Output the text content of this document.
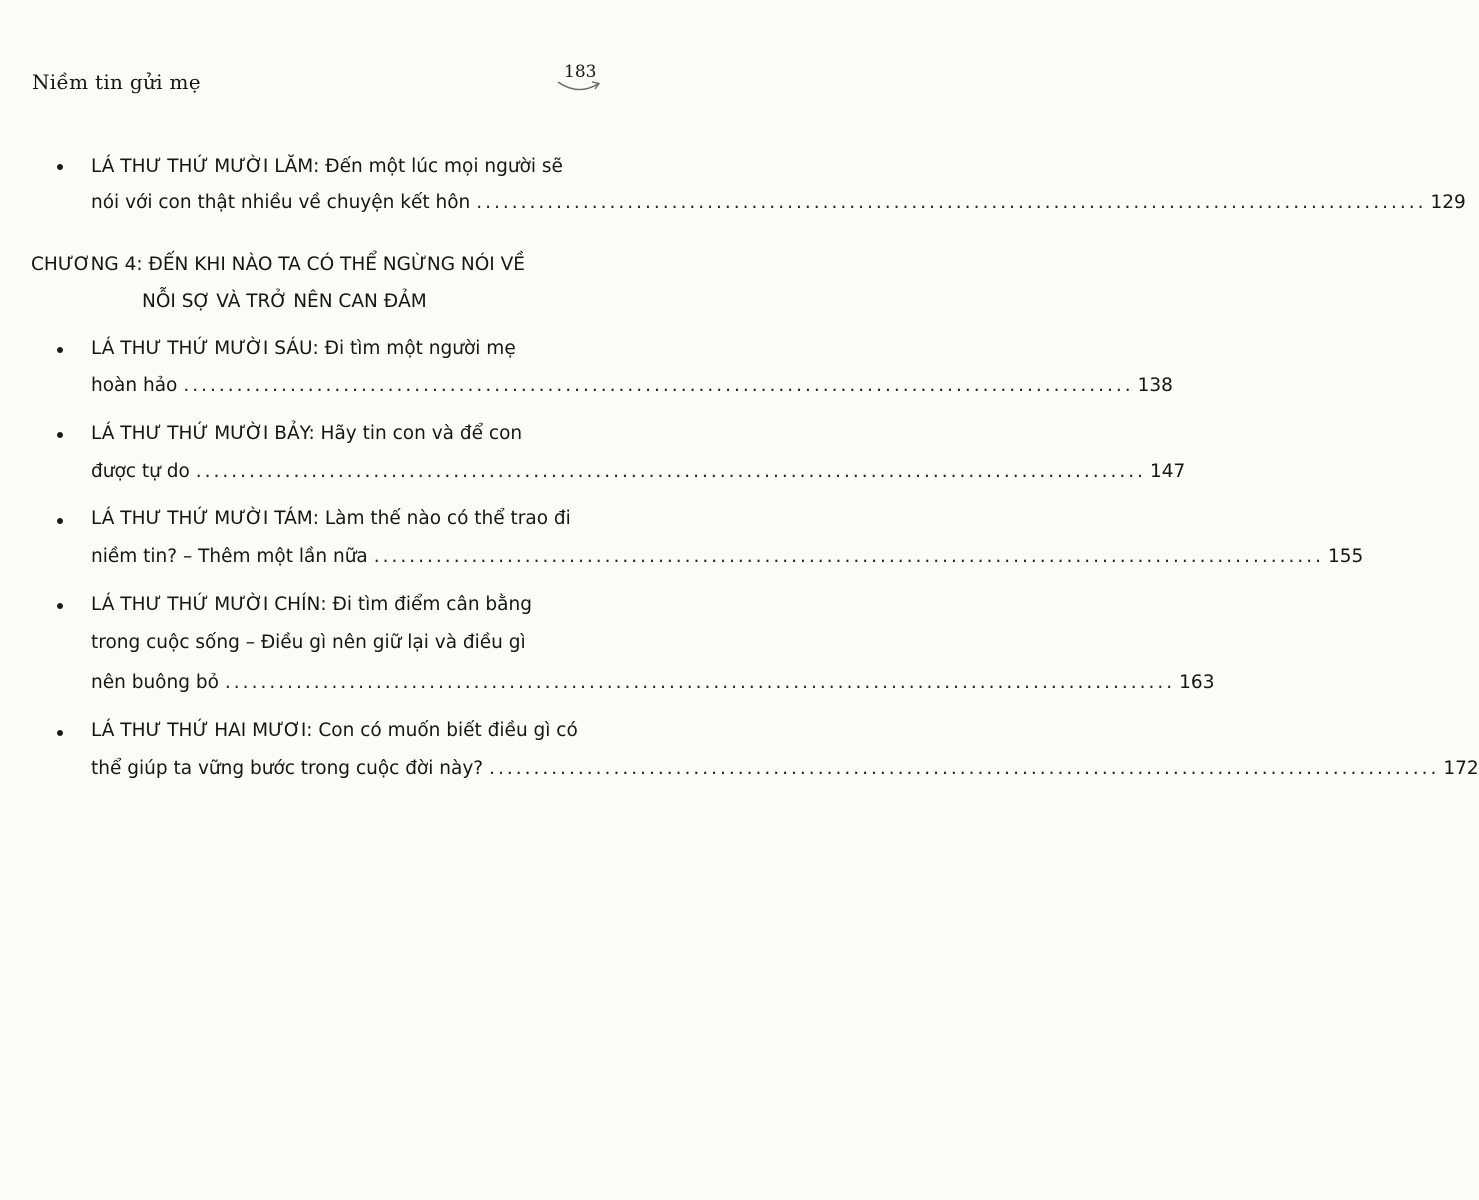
Niềm tin gửi mẹ	183
LÁ THƯ THỨ MƯỜI LĂM: Đến một lúc mọi người sẽ
nói với con thật nhiều về chuyện kết hôn ........................................................................................................... 129
CHƯƠNG 4: ĐẾN KHI NÀO TA CÓ THỂ NGỪNG NÓI VỀ
NỖI SỢ VÀ TRỞ NÊN CAN ĐẢM
LÁ THƯ THỨ MƯỜI SÁU: Đi tìm một người mẹ
hoàn hảo ........................................................................................................... 138
LÁ THƯ THỨ MƯỜI BẢY: Hãy tin con và để con
được tự do ........................................................................................................... 147
LÁ THƯ THỨ MƯỜI TÁM: Làm thế nào có thể trao đi
niềm tin? – Thêm một lần nữa ........................................................................................................... 155
LÁ THƯ THỨ MƯỜI CHÍN: Đi tìm điểm cân bằng
trong cuộc sống – Điều gì nên giữ lại và điều gì
nên buông bỏ ........................................................................................................... 163
LÁ THƯ THỨ HAI MƯƠI: Con có muốn biết điều gì có
thể giúp ta vững bước trong cuộc đời này? ........................................................................................................... 172
